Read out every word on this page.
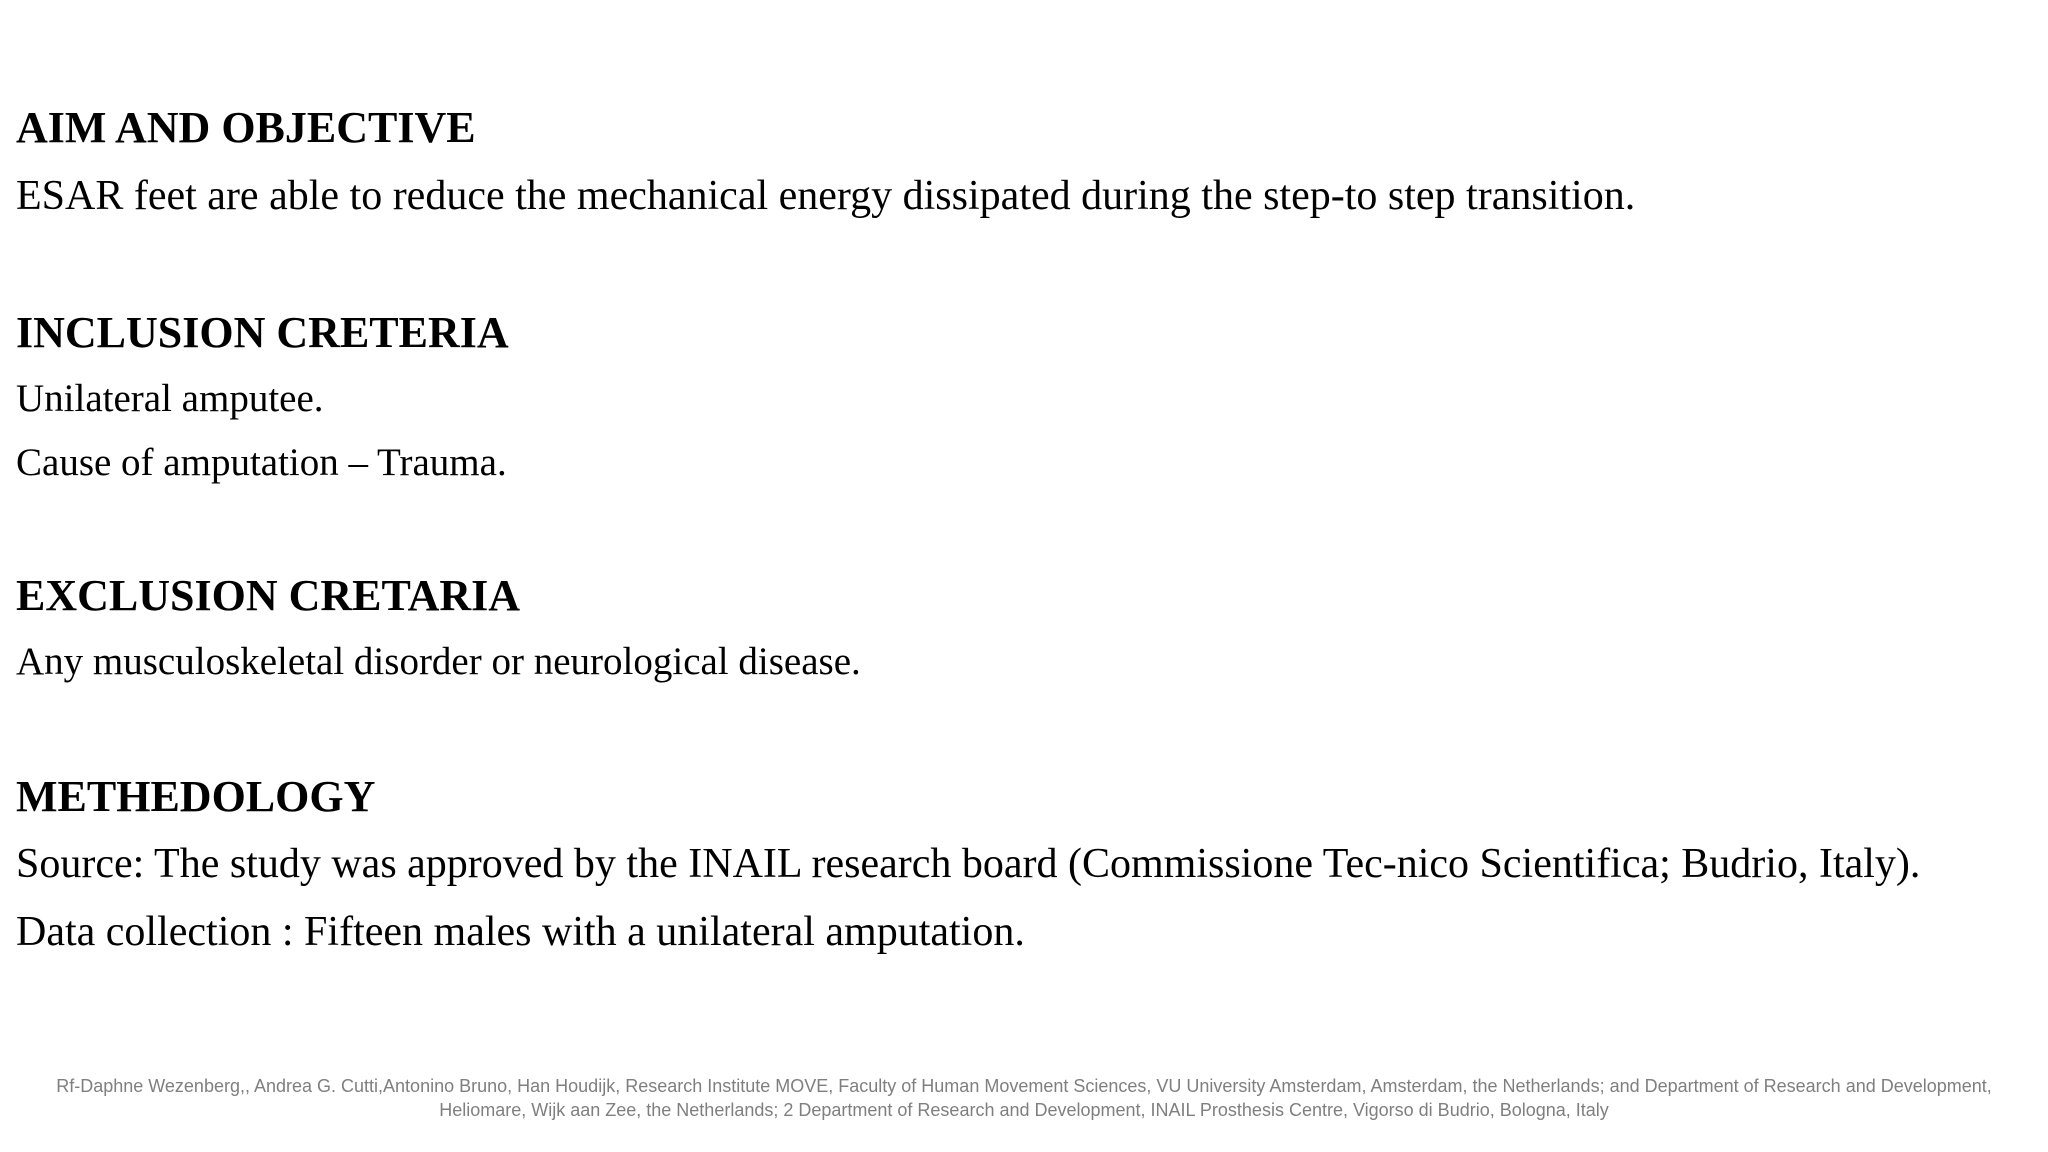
AIM AND OBJECTIVE
ESAR feet are able to reduce the mechanical energy dissipated during the step-to step transition.
INCLUSION CRETERIA
Unilateral amputee.
Cause of amputation – Trauma.
EXCLUSION CRETARIA
Any musculoskeletal disorder or neurological disease.
METHEDOLOGY
Source: The study was approved by the INAIL research board (Commissione Tec-nico Scientifica; Budrio, Italy).
Data collection : Fifteen males with a unilateral amputation.
Rf-Daphne Wezenberg,, Andrea G. Cutti,Antonino Bruno, Han Houdijk, Research Institute MOVE, Faculty of Human Movement Sciences, VU University Amsterdam, Amsterdam, the Netherlands; and Department of Research and Development,
Heliomare, Wijk aan Zee, the Netherlands; 2 Department of Research and Development, INAIL Prosthesis Centre, Vigorso di Budrio, Bologna, Italy
